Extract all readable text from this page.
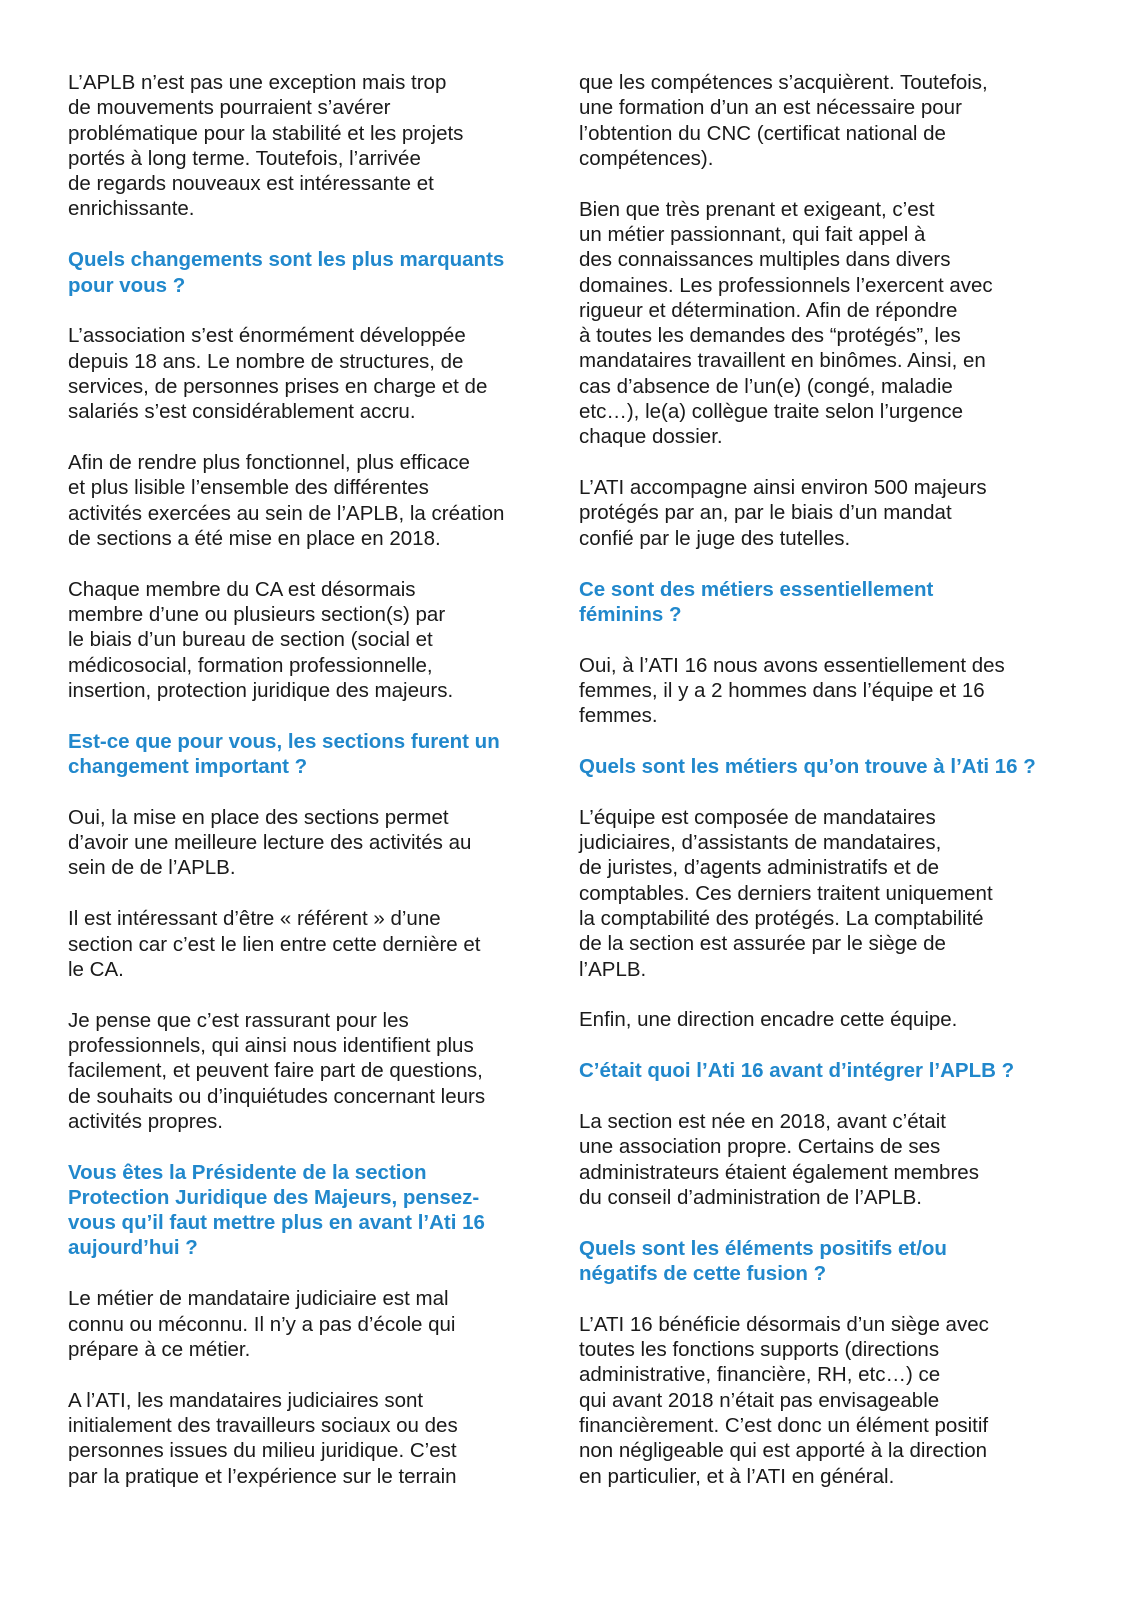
L’APLB n’est pas une exception mais trop
de mouvements pourraient s’avérer
problématique pour la stabilité et les projets
portés à long terme. Toutefois, l’arrivée
de regards nouveaux est intéressante et
enrichissante.

Quels changements sont les plus marquants
pour vous ?

L’association s’est énormément développée
depuis 18 ans. Le nombre de structures, de
services, de personnes prises en charge et de
salariés s’est considérablement accru.

Afin de rendre plus fonctionnel, plus efficace
et plus lisible l’ensemble des différentes
activités exercées au sein de l’APLB, la création
de sections a été mise en place en 2018.

Chaque membre du CA est désormais
membre d’une ou plusieurs section(s) par
le biais d’un bureau de section (social et
médicosocial, formation professionnelle,
insertion, protection juridique des majeurs.

Est-ce que pour vous, les sections furent un
changement important ?

Oui, la mise en place des sections permet
d’avoir une meilleure lecture des activités au
sein de de l’APLB.

Il est intéressant d’être « référent » d’une
section car c’est le lien entre cette dernière et
le CA.

Je pense que c’est rassurant pour les
professionnels, qui ainsi nous identifient plus
facilement, et peuvent faire part de questions,
de souhaits ou d’inquiétudes concernant leurs
activités propres.

Vous êtes la Présidente de la section
Protection Juridique des Majeurs, pensez-
vous qu’il faut mettre plus en avant l’Ati 16
aujourd’hui ?

Le métier de mandataire judiciaire est mal
connu ou méconnu. Il n’y a pas d’école qui
prépare à ce métier.

A l’ATI, les mandataires judiciaires sont
initialement des travailleurs sociaux ou des
personnes issues du milieu juridique. C’est
par la pratique et l’expérience sur le terrain

que les compétences s’acquièrent. Toutefois,
une formation d’un an est nécessaire pour
l’obtention du CNC (certificat national de
compétences).

Bien que très prenant et exigeant, c’est
un métier passionnant, qui fait appel à
des connaissances multiples dans divers
domaines. Les professionnels l’exercent avec
rigueur et détermination. Afin de répondre
à toutes les demandes des “protégés”, les
mandataires travaillent en binômes. Ainsi, en
cas d’absence de l’un(e) (congé, maladie
etc…), le(a) collègue traite selon l’urgence
chaque dossier.

L’ATI accompagne ainsi environ 500 majeurs
protégés par an, par le biais d’un mandat
confié par le juge des tutelles.

Ce sont des métiers essentiellement
féminins ?

Oui, à l’ATI 16 nous avons essentiellement des
femmes, il y a 2 hommes dans l’équipe et 16
femmes.

Quels sont les métiers qu’on trouve à l’Ati 16 ?

L’équipe est composée de mandataires
judiciaires, d’assistants de mandataires,
de juristes, d’agents administratifs et de
comptables. Ces derniers traitent uniquement
la comptabilité des protégés. La comptabilité
de la section est assurée par le siège de
l’APLB.

Enfin, une direction encadre cette équipe.

C’était quoi l’Ati 16 avant d’intégrer l’APLB ?

La section est née en 2018, avant c’était
une association propre. Certains de ses
administrateurs étaient également membres
du conseil d’administration de l’APLB.

Quels sont les éléments positifs et/ou
négatifs de cette fusion ?

L’ATI 16 bénéficie désormais d’un siège avec
toutes les fonctions supports (directions
administrative, financière, RH, etc…) ce
qui avant 2018 n’était pas envisageable
financièrement. C’est donc un élément positif
non négligeable qui est apporté à la direction
en particulier, et à l’ATI en général.
